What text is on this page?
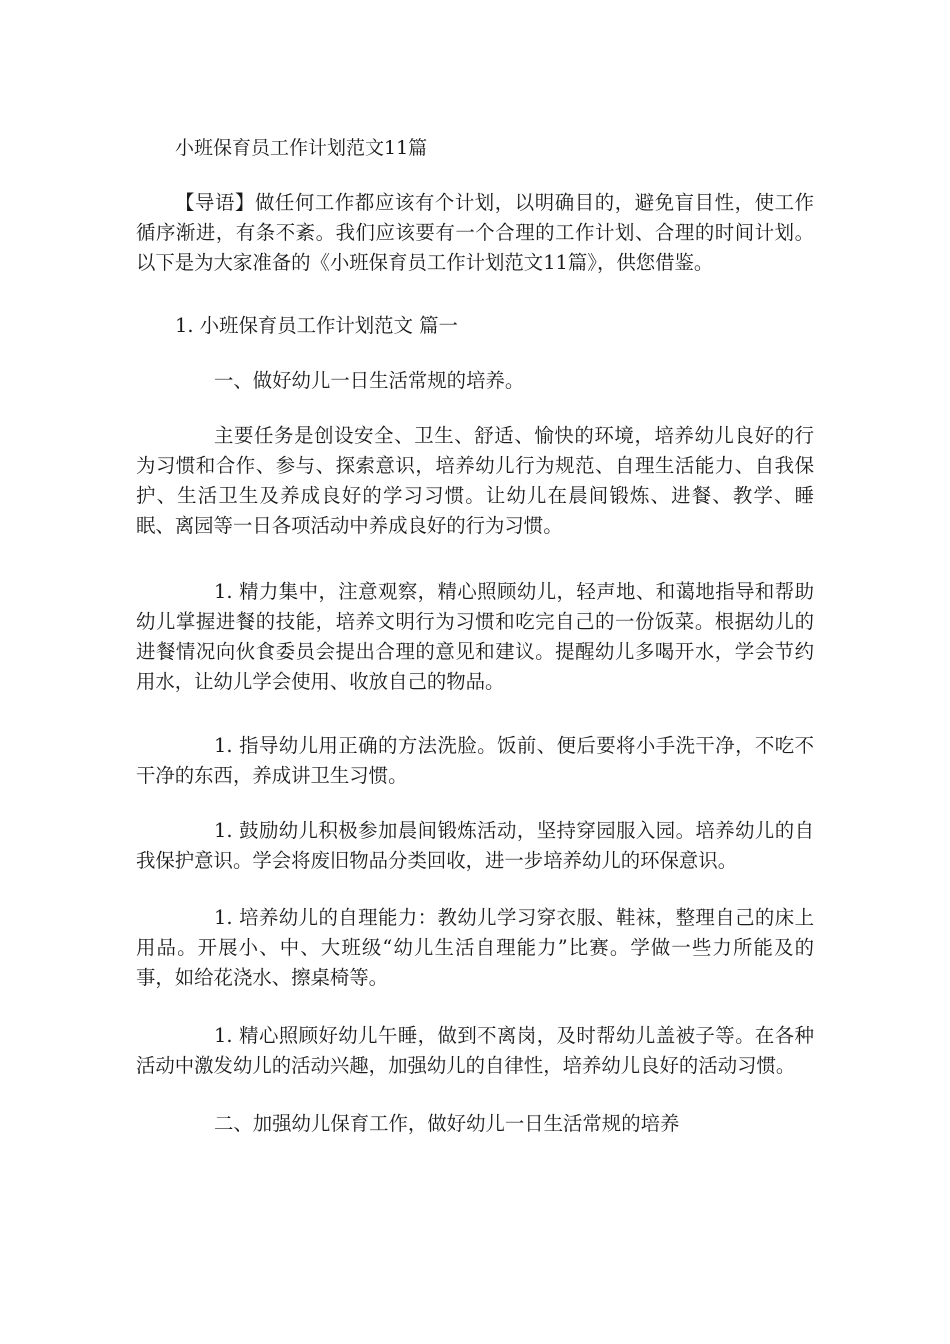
小班保育员工作计划范文11篇

【导语】做任何工作都应该有个计划，以明确目的，避免盲目性，使工作循序渐进，有条不紊。我们应该要有一个合理的工作计划、合理的时间计划。以下是为大家准备的《小班保育员工作计划范文11篇》，供您借鉴。

1. 小班保育员工作计划范文 篇一

一、做好幼儿一日生活常规的培养。

主要任务是创设安全、卫生、舒适、愉快的环境，培养幼儿良好的行为习惯和合作、参与、探索意识，培养幼儿行为规范、自理生活能力、自我保护、生活卫生及养成良好的学习习惯。让幼儿在晨间锻炼、进餐、教学、睡眠、离园等一日各项活动中养成良好的行为习惯。

1. 精力集中，注意观察，精心照顾幼儿，轻声地、和蔼地指导和帮助幼儿掌握进餐的技能，培养文明行为习惯和吃完自己的一份饭菜。根据幼儿的进餐情况向伙食委员会提出合理的意见和建议。提醒幼儿多喝开水，学会节约用水，让幼儿学会使用、收放自己的物品。

1. 指导幼儿用正确的方法洗脸。饭前、便后要将小手洗干净，不吃不干净的东西，养成讲卫生习惯。

1. 鼓励幼儿积极参加晨间锻炼活动，坚持穿园服入园。培养幼儿的自我保护意识。学会将废旧物品分类回收，进一步培养幼儿的环保意识。

1. 培养幼儿的自理能力：教幼儿学习穿衣服、鞋袜，整理自己的床上用品。开展小、中、大班级“幼儿生活自理能力”比赛。学做一些力所能及的事，如给花浇水、擦桌椅等。

1. 精心照顾好幼儿午睡，做到不离岗，及时帮幼儿盖被子等。在各种活动中激发幼儿的活动兴趣，加强幼儿的自律性，培养幼儿良好的活动习惯。

二、加强幼儿保育工作，做好幼儿一日生活常规的培养
